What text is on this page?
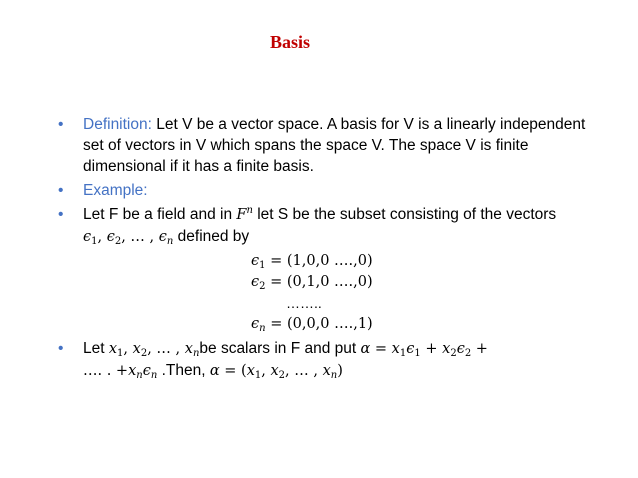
Basis
• Definition: Let V be a vector space. A basis for V is a linearly independent set of vectors in V which spans the space V. The space V is finite dimensional if it has a finite basis.
• Example:
• Let F be a field and in $F^n$ let S be the subset consisting of the vectors
$\epsilon_1$, $\epsilon_2$, … , $\epsilon_n$ defined by
$\epsilon_1 = (1,0,0$ ….,0)
$\epsilon_2 = (0,1,0$ ….,0)
……..
$\epsilon_n = (0,0,0$ ….,1)
• Let $x_1$, $x_2$, … , $x_nbe$ scalars in F and put $\alpha = x_1\epsilon_1 + x_2\epsilon_2$ +
…. . $+x_n\epsilon_n$ .Then, $\alpha = (x_1$, $x_2$, … , $x_n$)
